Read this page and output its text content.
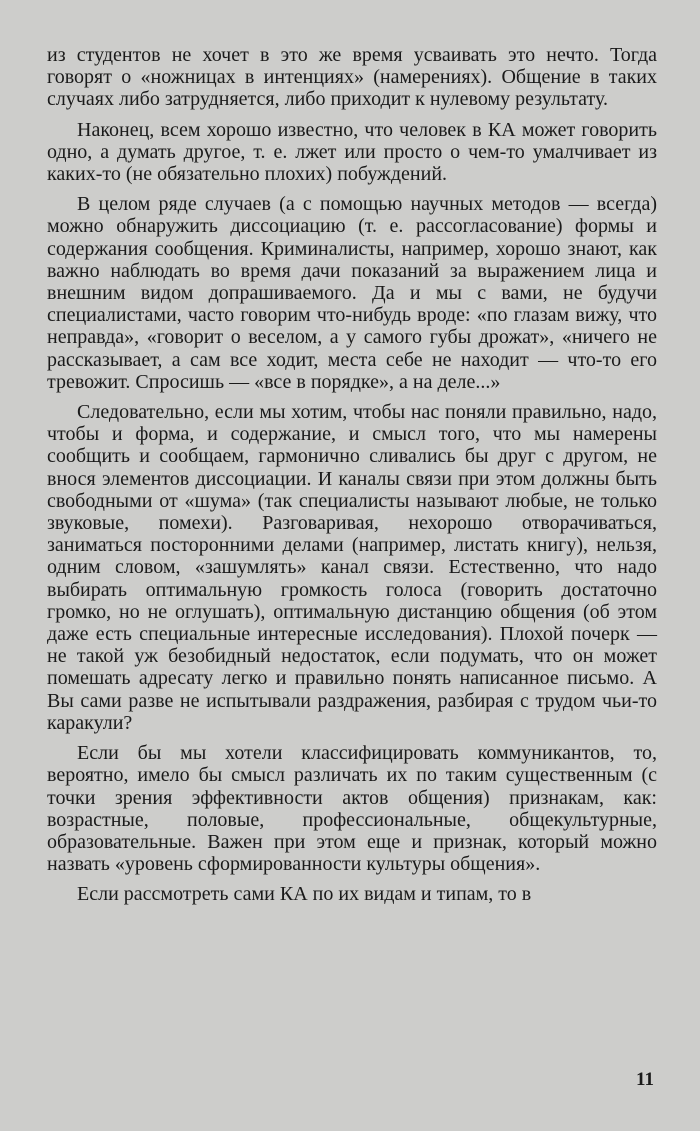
из студентов не хочет в это же время усваивать это нечто. Тогда говорят о «ножницах в интенциях» (намерениях). Общение в таких случаях либо затрудняется, либо приходит к нулевому результату.

Наконец, всем хорошо известно, что человек в КА может говорить одно, а думать другое, т. е. лжет или просто о чем-то умалчивает из каких-то (не обязательно плохих) побуждений.

В целом ряде случаев (а с помощью научных методов — всегда) можно обнаружить диссоциацию (т. е. рассогласование) формы и содержания сообщения. Криминалисты, например, хорошо знают, как важно наблюдать во время дачи показаний за выражением лица и внешним видом допрашиваемого. Да и мы с вами, не будучи специалистами, часто говорим что-нибудь вроде: «по глазам вижу, что неправда», «говорит о веселом, а у самого губы дрожат», «ничего не рассказывает, а сам все ходит, места себе не находит — что-то его тревожит. Спросишь — «все в порядке», а на деле...»

Следовательно, если мы хотим, чтобы нас поняли правильно, надо, чтобы и форма, и содержание, и смысл того, что мы намерены сообщить и сообщаем, гармонично сливались бы друг с другом, не внося элементов диссоциации. И каналы связи при этом должны быть свободными от «шума» (так специалисты называют любые, не только звуковые, помехи). Разговаривая, нехорошо отворачиваться, заниматься посторонними делами (например, листать книгу), нельзя, одним словом, «зашумлять» канал связи. Естественно, что надо выбирать оптимальную громкость голоса (говорить достаточно громко, но не оглушать), оптимальную дистанцию общения (об этом даже есть специальные интересные исследования). Плохой почерк — не такой уж безобидный недостаток, если подумать, что он может помешать адресату легко и правильно понять написанное письмо. А Вы сами разве не испытывали раздражения, разбирая с трудом чьи-то каракули?

Если бы мы хотели классифицировать коммуникантов, то, вероятно, имело бы смысл различать их по таким существенным (с точки зрения эффективности актов общения) признакам, как: возрастные, половые, профессиональные, общекультурные, образовательные. Важен при этом еще и признак, который можно назвать «уровень сформированности культуры общения».

Если рассмотреть сами КА по их видам и типам, то в

11
